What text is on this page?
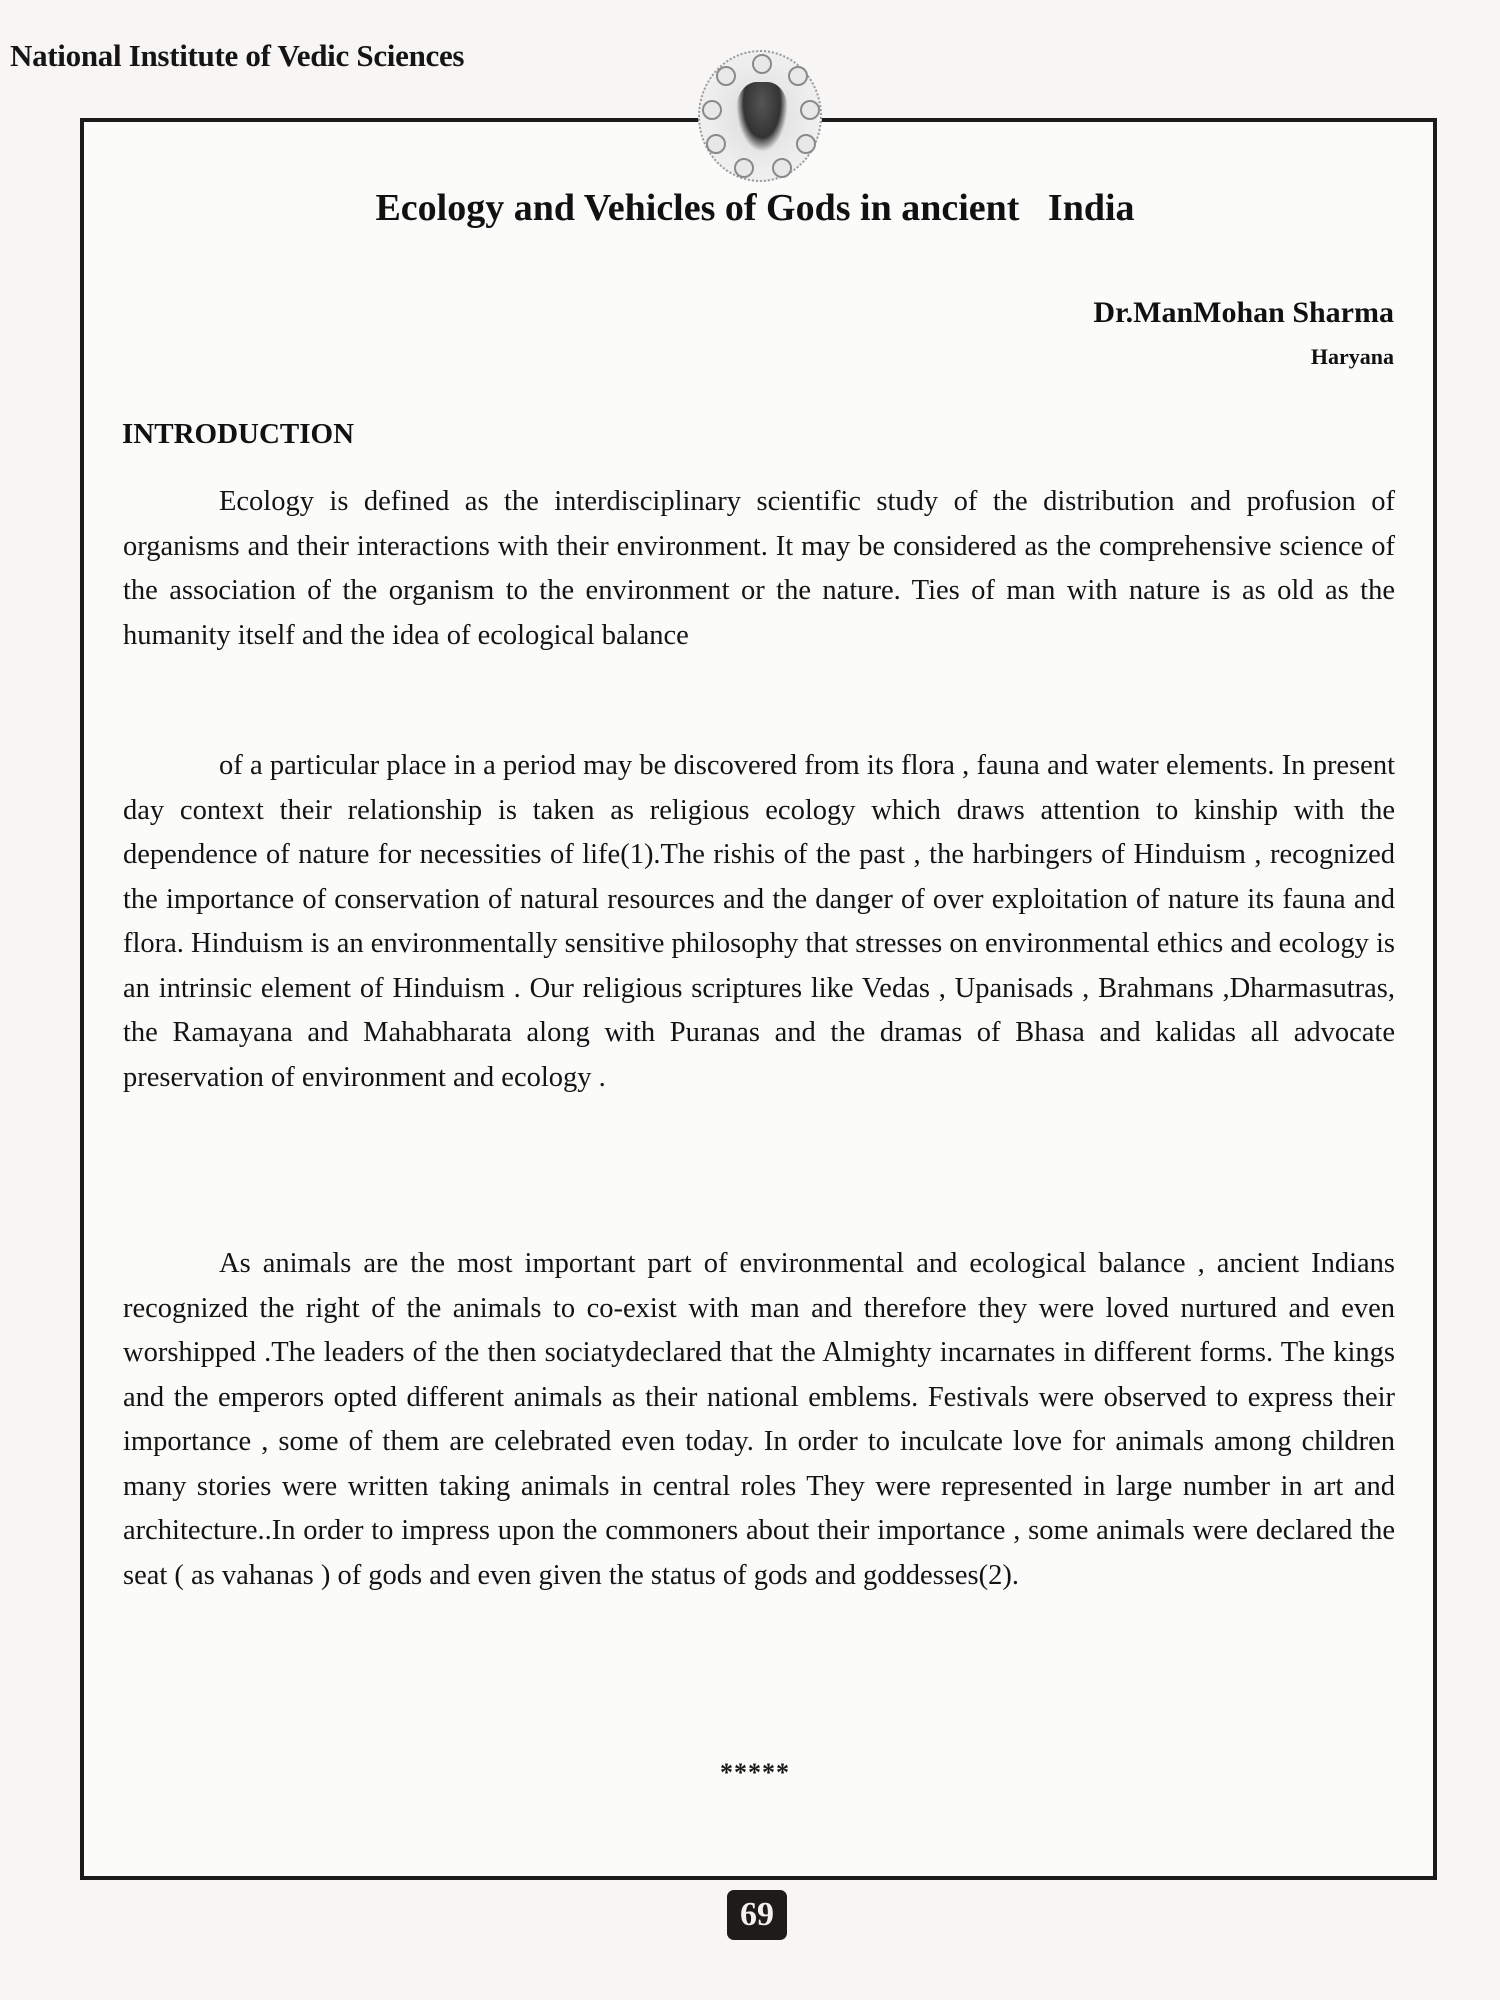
National Institute of Vedic Sciences
Ecology and Vehicles of Gods in ancient   India
Dr.ManMohan Sharma
Haryana
INTRODUCTION

Ecology is defined as the interdisciplinary scientific study of the distribution and profusion of organisms and their interactions with their environment. It may be considered as the comprehensive science of the association of the organism to the environment or the nature. Ties of man with nature is as old as the humanity itself and the idea of ecological balance

of a particular place in a period may be discovered from its flora , fauna and water elements. In present day context their relationship is taken as religious ecology which draws attention to kinship with the dependence of nature for necessities of life(1).The rishis of the past , the harbingers of Hinduism , recognized the importance of conservation of natural resources and the danger of over exploitation of nature its fauna and flora. Hinduism is an environmentally sensitive philosophy that stresses on environmental ethics and ecology is an intrinsic element of Hinduism . Our religious scriptures like Vedas , Upanisads , Brahmans ,Dharmasutras, the Ramayana and Mahabharata along with Puranas and the dramas of Bhasa and kalidas all advocate preservation of environment and ecology .

As animals are the most important part of environmental and ecological balance , ancient Indians recognized the right of the animals to co-exist with man and therefore they were loved nurtured and even worshipped .The leaders of the then sociatydeclared that the Almighty incarnates in different forms. The kings and the emperors opted different animals as their national emblems. Festivals were observed to express their importance , some of them are celebrated even today. In order to inculcate love for animals among children many stories were written taking animals in central roles They were represented in large number in art and architecture..In order to impress upon the commoners about their importance , some animals were declared the seat ( as vahanas ) of gods and even given the status of gods and goddesses(2).

*****
69
